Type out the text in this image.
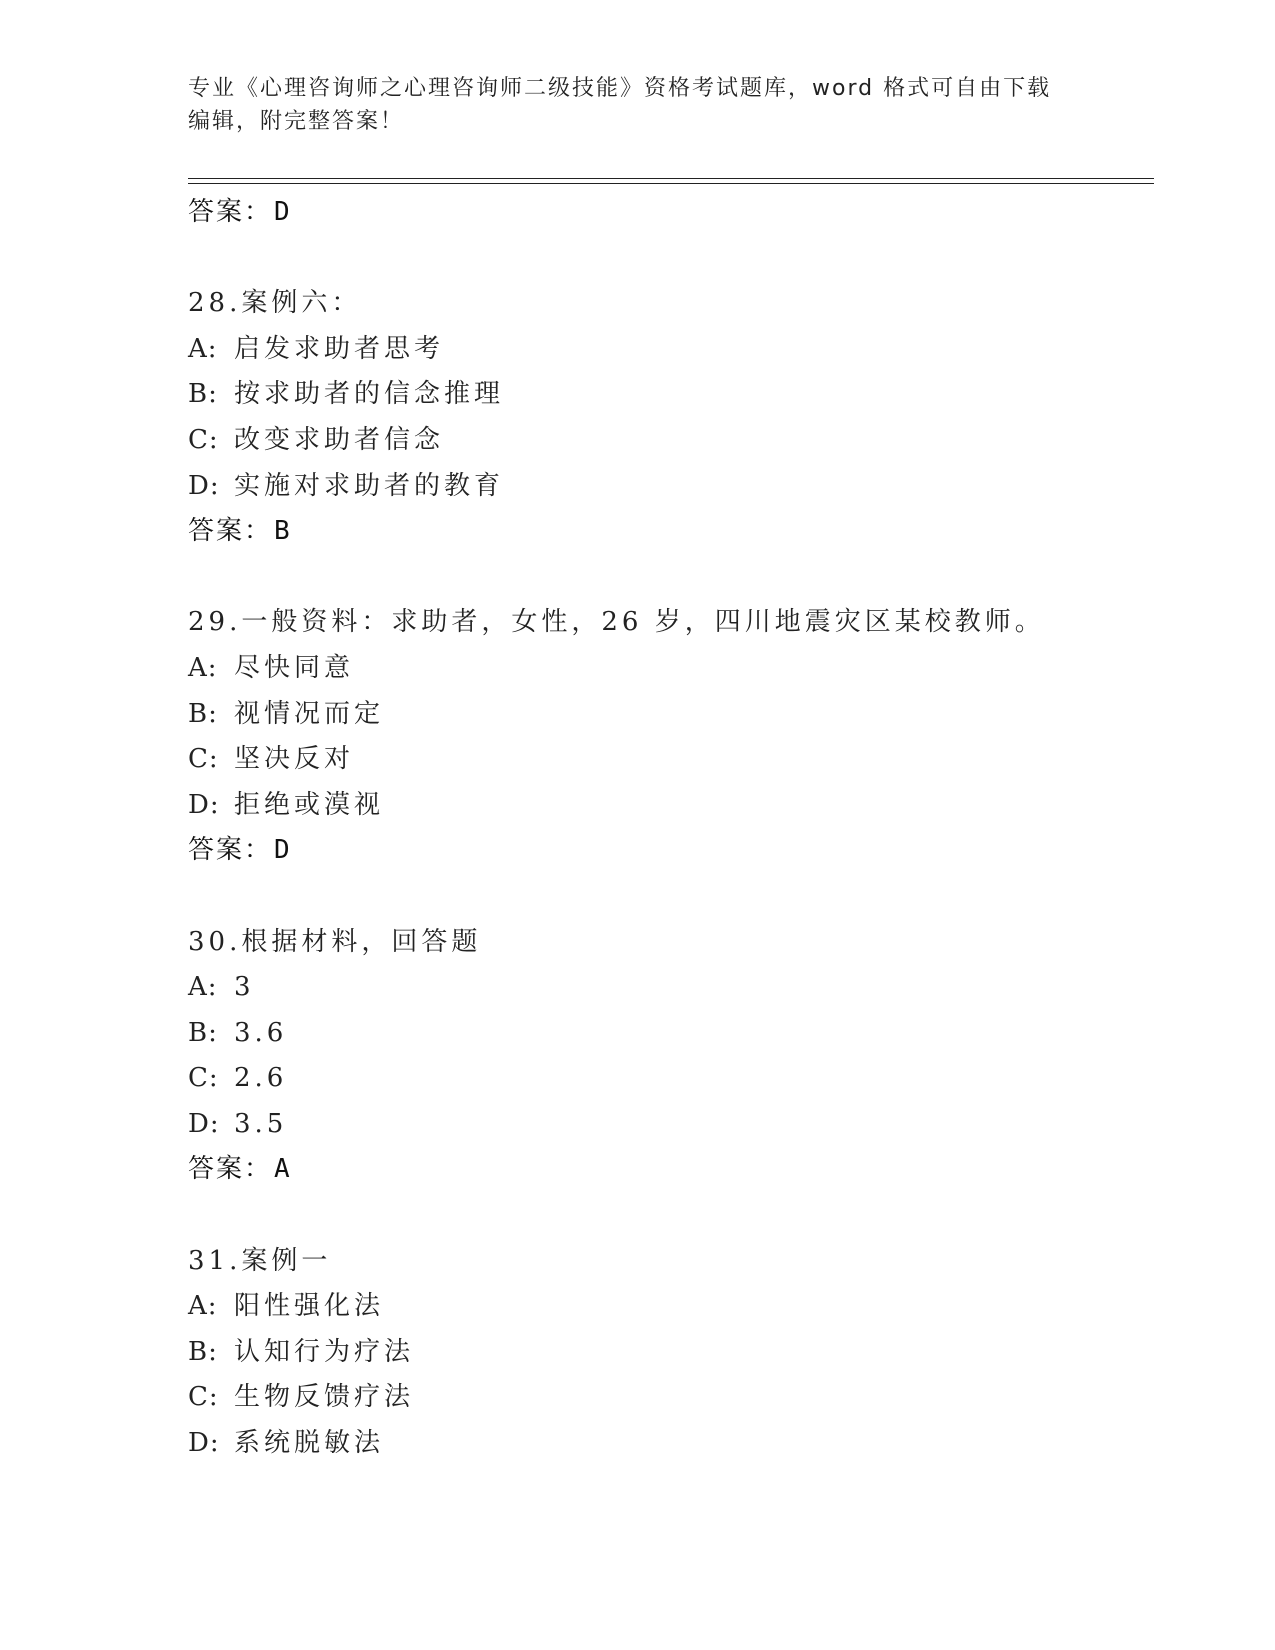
专业《心理咨询师之心理咨询师二级技能》资格考试题库，word 格式可自由下载
编辑，附完整答案！
答案：D
28.案例六：
A: 启发求助者思考
B: 按求助者的信念推理
C: 改变求助者信念
D: 实施对求助者的教育
答案：B
29.一般资料：求助者，女性，26 岁，四川地震灾区某校教师。
A: 尽快同意
B: 视情况而定
C: 坚决反对
D: 拒绝或漠视
答案：D
30.根据材料，回答题
A: 3
B: 3.6
C: 2.6
D: 3.5
答案：A
31.案例一
A: 阳性强化法
B: 认知行为疗法
C: 生物反馈疗法
D: 系统脱敏法
